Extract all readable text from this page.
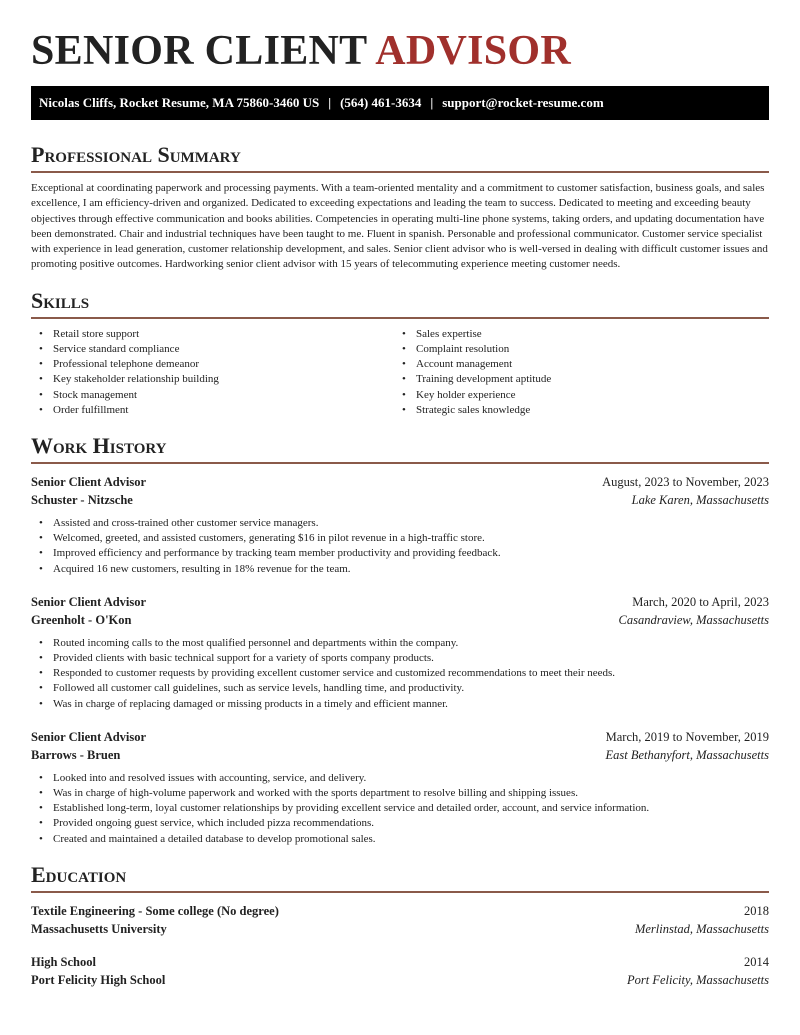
SENIOR CLIENT ADVISOR
Nicolas Cliffs, Rocket Resume, MA 75860-3460 US | (564) 461-3634 | support@rocket-resume.com
Professional Summary

Exceptional at coordinating paperwork and processing payments. With a team-oriented mentality and a commitment to customer satisfaction, business goals, and sales excellence, I am efficiency-driven and organized. Dedicated to exceeding expectations and leading the team to success. Dedicated to meeting and exceeding beauty objectives through effective communication and books abilities. Competencies in operating multi-line phone systems, taking orders, and updating documentation have been demonstrated. Chair and industrial techniques have been taught to me. Fluent in spanish. Personable and professional communicator. Customer service specialist with experience in lead generation, customer relationship development, and sales. Senior client advisor who is well-versed in dealing with difficult customer issues and promoting positive outcomes. Hardworking senior client advisor with 15 years of telecommuting experience meeting customer needs.

Skills
• Retail store support
• Service standard compliance
• Professional telephone demeanor
• Key stakeholder relationship building
• Stock management
• Order fulfillment
• Sales expertise
• Complaint resolution
• Account management
• Training development aptitude
• Key holder experience
• Strategic sales knowledge
Work History
Senior Client Advisor	August, 2023 to November, 2023
Schuster - Nitzsche	Lake Karen, Massachusetts
• Assisted and cross-trained other customer service managers.
• Welcomed, greeted, and assisted customers, generating $16 in pilot revenue in a high-traffic store.
• Improved efficiency and performance by tracking team member productivity and providing feedback.
• Acquired 16 new customers, resulting in 18% revenue for the team.
Senior Client Advisor	March, 2020 to April, 2023
Greenholt - O'Kon	Casandraview, Massachusetts
• Routed incoming calls to the most qualified personnel and departments within the company.
• Provided clients with basic technical support for a variety of sports company products.
• Responded to customer requests by providing excellent customer service and customized recommendations to meet their needs.
• Followed all customer call guidelines, such as service levels, handling time, and productivity.
• Was in charge of replacing damaged or missing products in a timely and efficient manner.
Senior Client Advisor	March, 2019 to November, 2019
Barrows - Bruen	East Bethanyfort, Massachusetts
• Looked into and resolved issues with accounting, service, and delivery.
• Was in charge of high-volume paperwork and worked with the sports department to resolve billing and shipping issues.
• Established long-term, loyal customer relationships by providing excellent service and detailed order, account, and service information.
• Provided ongoing guest service, which included pizza recommendations.
• Created and maintained a detailed database to develop promotional sales.
Education
Textile Engineering - Some college (No degree)	2018
Massachusetts University	Merlinstad, Massachusetts
High School	2014
Port Felicity High School	Port Felicity, Massachusetts
